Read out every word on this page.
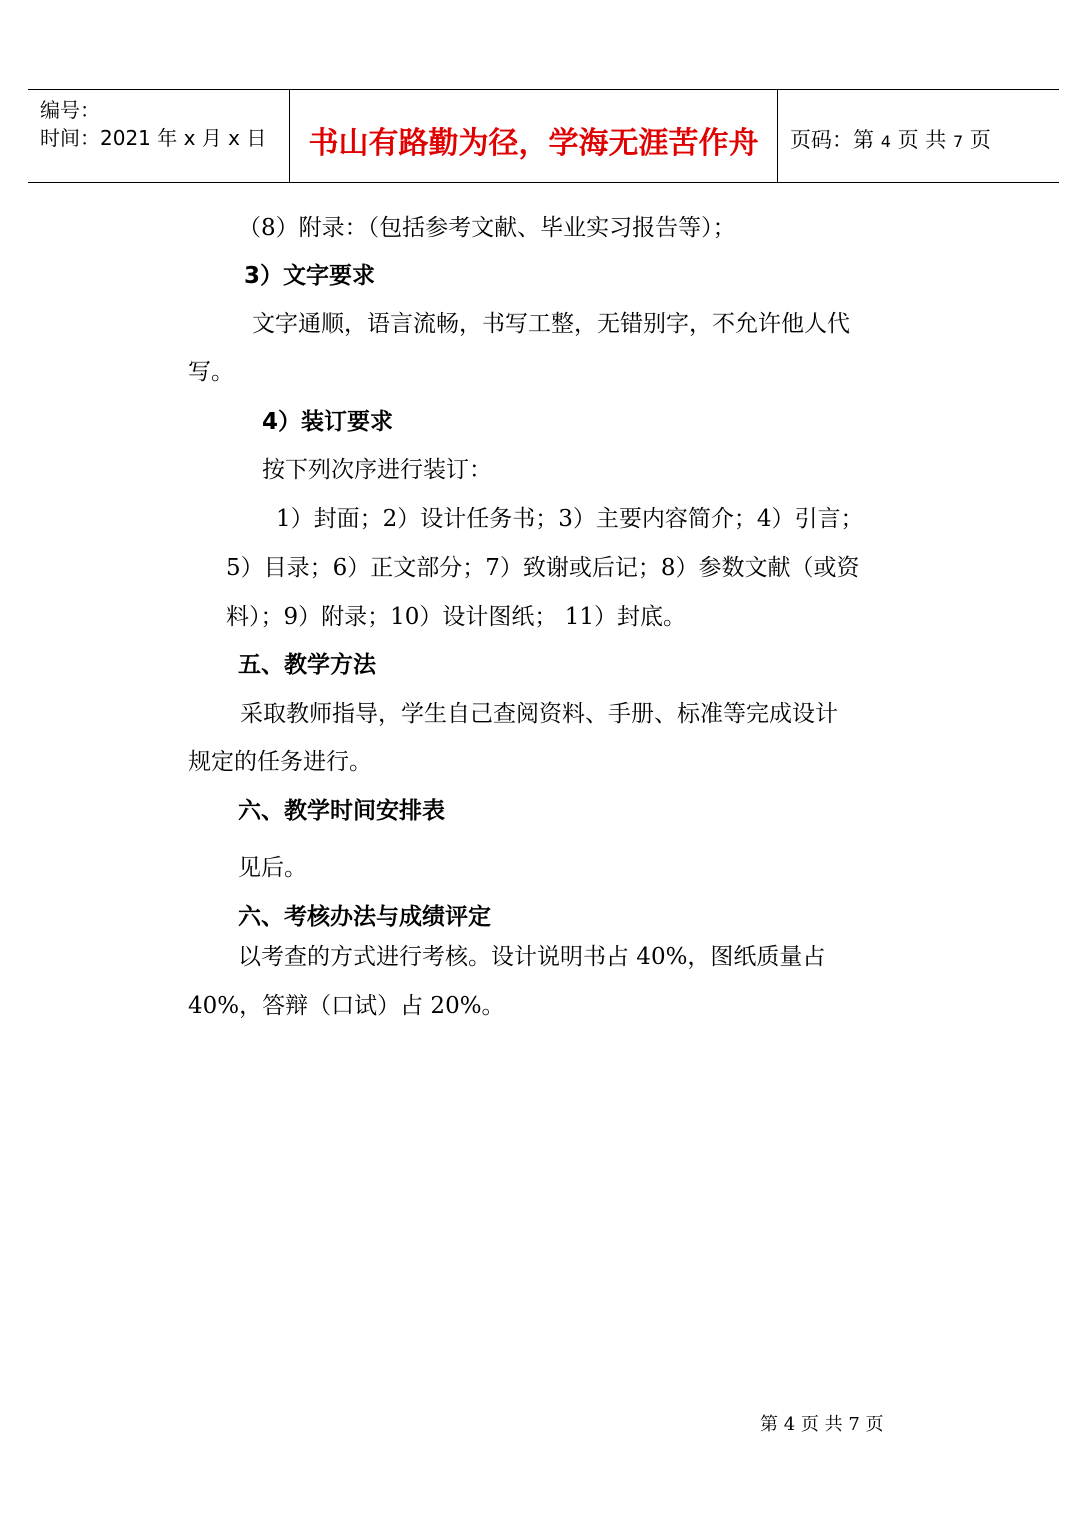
编号：
时间：2021 年 x 月 x 日	书山有路勤为径，学海无涯苦作舟	页码：第 4 页 共 7 页
（8）附录：（包括参考文献、毕业实习报告等）；
3）文字要求
文字通顺，语言流畅，书写工整，无错别字，不允许他人代
写。
4）装订要求
按下列次序进行装订：
1）封面；2）设计任务书；3）主要内容简介；4）引言；
5）目录；6）正文部分；7）致谢或后记；8）参数文献（或资
料）；9）附录；10）设计图纸； 11）封底。
五、教学方法
采取教师指导，学生自己查阅资料、手册、标准等完成设计
规定的任务进行。
六、教学时间安排表
见后。
六、考核办法与成绩评定
以考查的方式进行考核。设计说明书占 40%，图纸质量占
40%，答辩（口试）占 20%。
第 4 页 共 7 页
